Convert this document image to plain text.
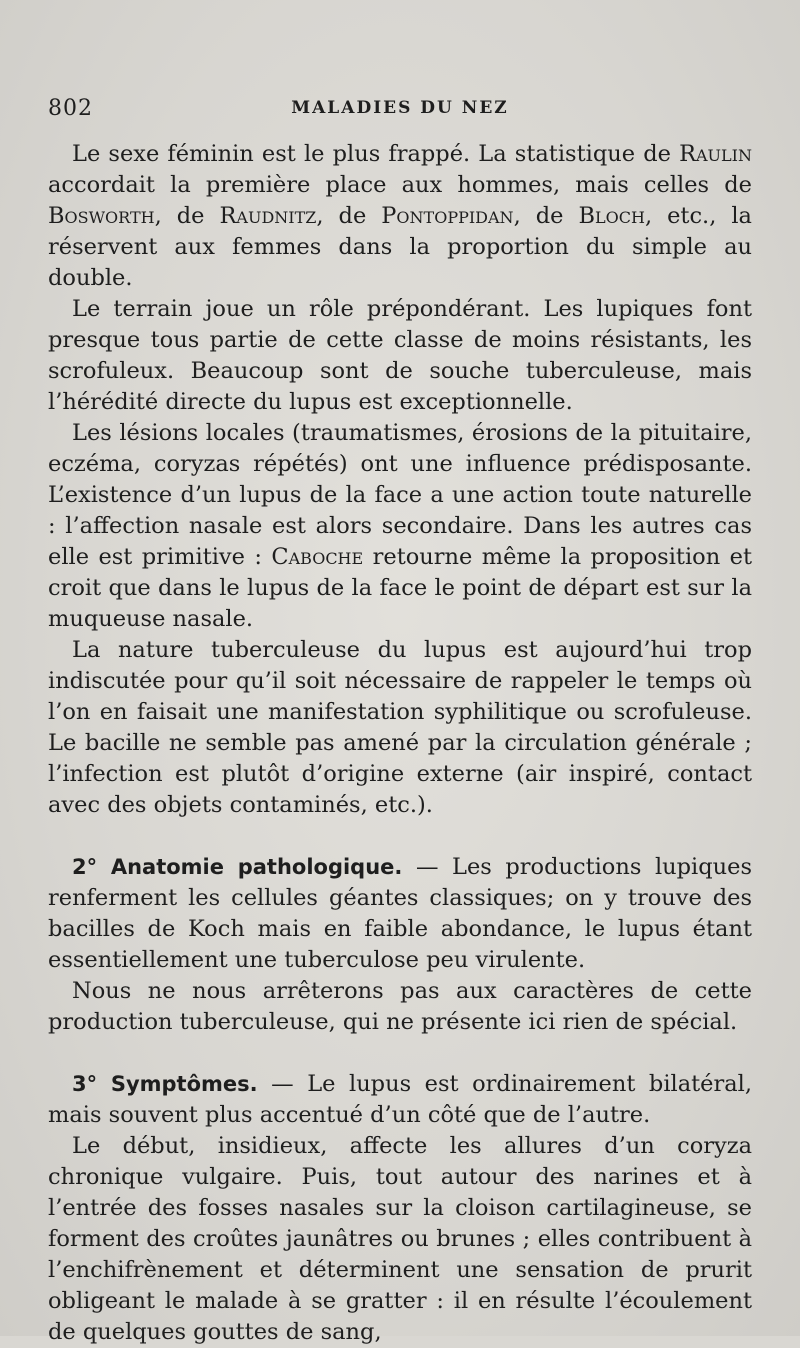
802	MALADIES DU NEZ

Le sexe féminin est le plus frappé. La statistique de Raulin accordait la première place aux hommes, mais celles de Bosworth, de Raudnitz, de Pontoppidan, de Bloch, etc., la réservent aux femmes dans la proportion du simple au double.

Le terrain joue un rôle prépondérant. Les lupiques font presque tous partie de cette classe de moins résistants, les scrofuleux. Beaucoup sont de souche tuberculeuse, mais l’hérédité directe du lupus est exceptionnelle.

Les lésions locales (traumatismes, érosions de la pituitaire, eczéma, coryzas répétés) ont une influence prédisposante. L’existence d’un lupus de la face a une action toute naturelle : l’affection nasale est alors secondaire. Dans les autres cas elle est primitive : Caboche retourne même la proposition et croit que dans le lupus de la face le point de départ est sur la muqueuse nasale.

La nature tuberculeuse du lupus est aujourd’hui trop indiscutée pour qu’il soit nécessaire de rappeler le temps où l’on en faisait une manifestation syphilitique ou scrofuleuse. Le bacille ne semble pas amené par la circulation générale ; l’infection est plutôt d’origine externe (air inspiré, contact avec des objets contaminés, etc.).

2° Anatomie pathologique. — Les productions lupiques renferment les cellules géantes classiques; on y trouve des bacilles de Koch mais en faible abondance, le lupus étant essentiellement une tuberculose peu virulente.

Nous ne nous arrêterons pas aux caractères de cette production tuberculeuse, qui ne présente ici rien de spécial.

3° Symptômes. — Le lupus est ordinairement bilatéral, mais souvent plus accentué d’un côté que de l’autre.

Le début, insidieux, affecte les allures d’un coryza chronique vulgaire. Puis, tout autour des narines et à l’entrée des fosses nasales sur la cloison cartilagineuse, se forment des croûtes jaunâtres ou brunes ; elles contribuent à l’enchifrènement et déterminent une sensation de prurit obligeant le malade à se gratter : il en résulte l’écoulement de quelques gouttes de sang,
